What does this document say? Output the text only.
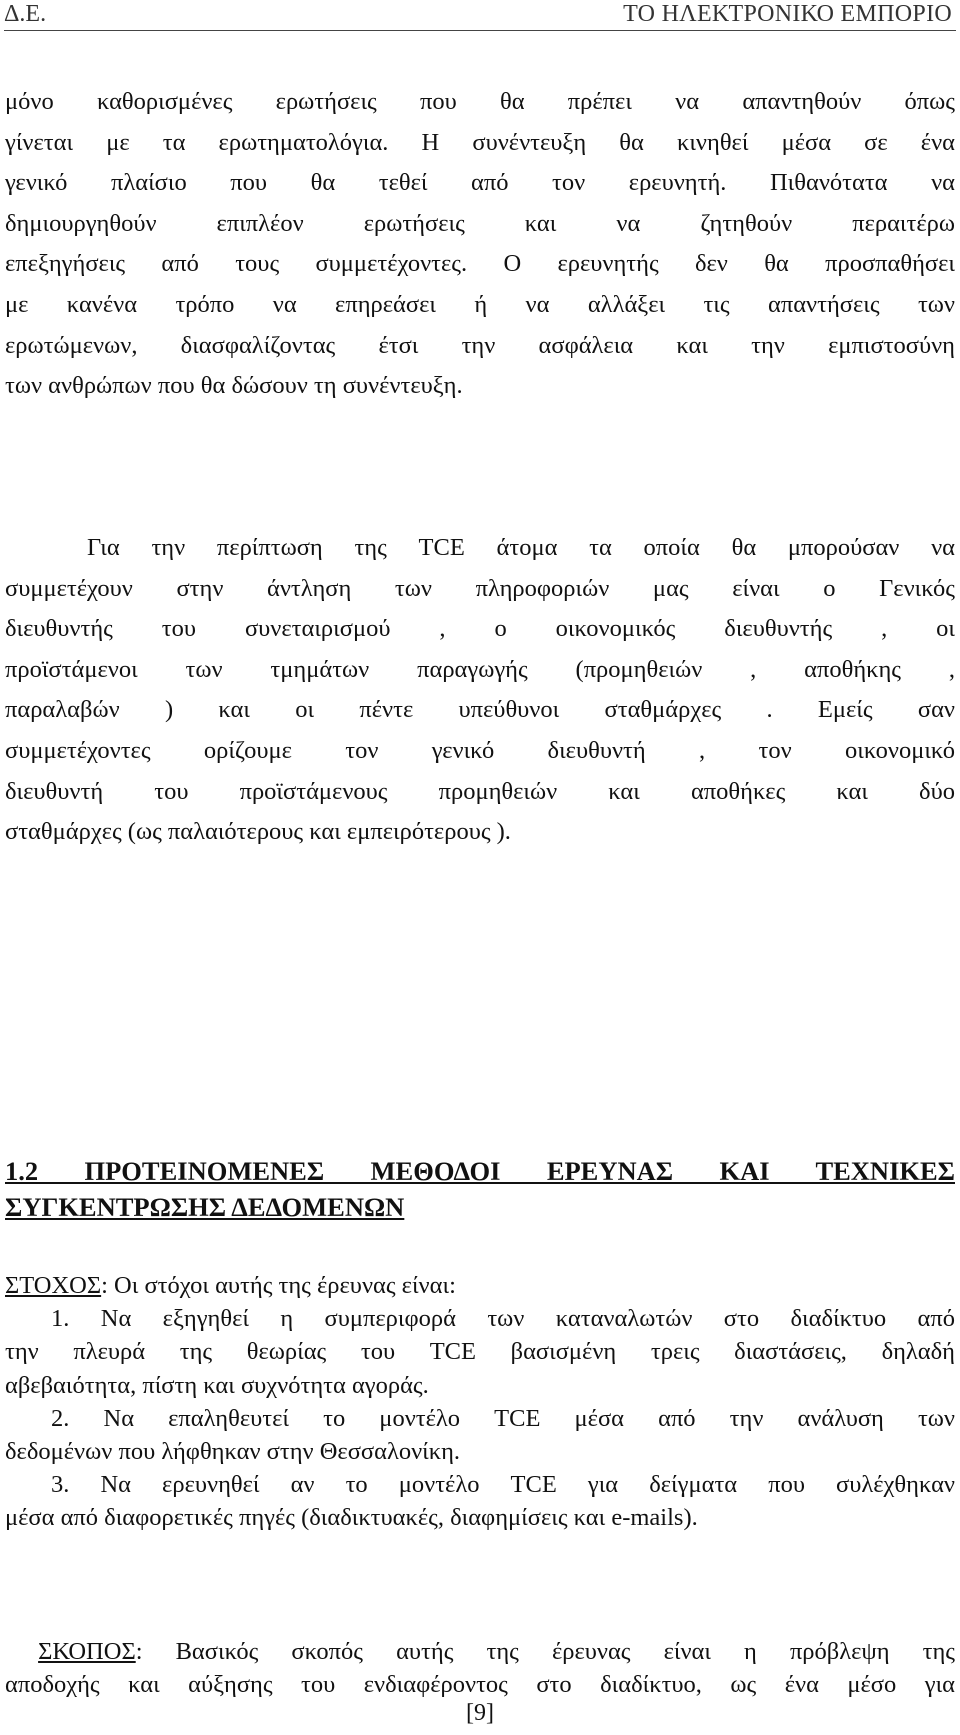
Δ.Ε.	ΤΟ ΗΛΕΚΤΡΟΝΙΚΟ ΕΜΠΟΡΙΟ

μόνο καθορισμένες ερωτήσεις που θα πρέπει να απαντηθούν όπως

γίνεται με τα ερωτηματολόγια. Η συνέντευξη θα κινηθεί μέσα σε ένα

γενικό πλαίσιο που θα τεθεί από τον ερευνητή. Πιθανότατα να

δημιουργηθούν επιπλέον ερωτήσεις και να ζητηθούν περαιτέρω

επεξηγήσεις από τους συμμετέχοντες. Ο ερευνητής δεν θα προσπαθήσει

με κανένα τρόπο να επηρεάσει ή να αλλάξει τις απαντήσεις των

ερωτώμενων, διασφαλίζοντας έτσι την ασφάλεια και την εμπιστοσύνη

των ανθρώπων που θα δώσουν τη συνέντευξη.

Για την περίπτωση της TCE άτομα τα οποία θα μπορούσαν να

συμμετέχουν στην άντληση των πληροφοριών μας είναι ο Γενικός

διευθυντής του συνεταιρισμού , ο οικονομικός διευθυντής , οι

προϊστάμενοι των τμημάτων παραγωγής (προμηθειών , αποθήκης ,

παραλαβών ) και οι πέντε υπεύθυνοι σταθμάρχες . Εμείς σαν

συμμετέχοντες ορίζουμε τον γενικό διευθυντή , τον οικονομικό

διευθυντή του προϊστάμενους προμηθειών και αποθήκες και δύο

σταθμάρχες (ως παλαιότερους και εμπειρότερους ).

1.2 ΠΡΟΤΕΙΝΟΜΕΝΕΣ ΜΕΘΟΔΟΙ ΕΡΕΥΝΑΣ ΚΑΙ ΤΕΧΝΙΚΕΣ
ΣΥΓΚΕΝΤΡΩΣΗΣ ΔΕΔΟΜΕΝΩΝ
ΣΤΟΧΟΣ: Οι στόχοι αυτής της έρευνας είναι:
1. Να εξηγηθεί η συμπεριφορά των καταναλωτών στο διαδίκτυο από
την πλευρά της θεωρίας του TCE βασισμένη τρεις διαστάσεις, δηλαδή
αβεβαιότητα, πίστη και συχνότητα αγοράς.
2. Να επαληθευτεί το μοντέλο TCE μέσα από την ανάλυση των
δεδομένων που λήφθηκαν στην Θεσσαλονίκη.
3. Να ερευνηθεί αν το μοντέλο TCE για δείγματα που συλέχθηκαν
μέσα από διαφορετικές πηγές (διαδικτυακές, διαφημίσεις και e-mails).
ΣΚΟΠΟΣ: Βασικός σκοπός αυτής της έρευνας είναι η πρόβλεψη της
αποδοχής και αύξησης του ενδιαφέροντος στο διαδίκτυο, ως ένα μέσο για
[9]
